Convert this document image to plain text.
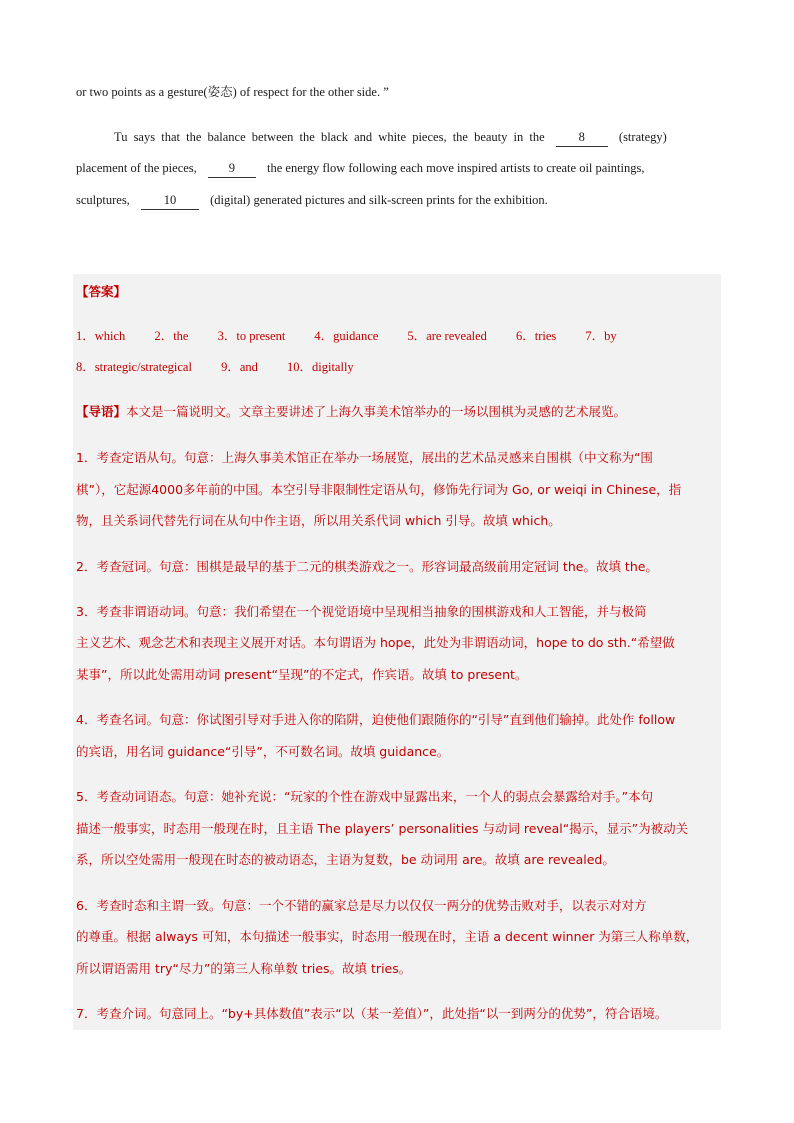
or two points as a gesture(姿态) of respect for the other side. ”
Tu says that the balance between the black and white pieces, the beauty in the	8	(strategy)
placement of the pieces,	9	the energy flow following each move inspired artists to create oil paintings,
sculptures,	10	(digital) generated pictures and silk-screen prints for the exhibition.
【答案】
1．which 2．the 3．to present 4．guidance 5．are revealed 6．tries 7．by
8．strategic/strategical 9．and 10．digitally
【导语】本文是一篇说明文。文章主要讲述了上海久事美术馆举办的一场以围棋为灵感的艺术展览。
1．考查定语从句。句意：上海久事美术馆正在举办一场展览，展出的艺术品灵感来自围棋（中文称为“围
棋”），它起源4000多年前的中国。本空引导非限制性定语从句，修饰先行词为 Go, or weiqi in Chinese，指
物，且关系词代替先行词在从句中作主语，所以用关系代词 which 引导。故填 which。
2．考查冠词。句意：围棋是最早的基于二元的棋类游戏之一。形容词最高级前用定冠词 the。故填 the。
3．考查非谓语动词。句意：我们希望在一个视觉语境中呈现相当抽象的围棋游戏和人工智能，并与极简
主义艺术、观念艺术和表现主义展开对话。本句谓语为 hope，此处为非谓语动词，hope to do sth.“希望做
某事”，所以此处需用动词 present“呈现”的不定式，作宾语。故填 to present。
4．考查名词。句意：你试图引导对手进入你的陷阱，迫使他们跟随你的“引导”直到他们输掉。此处作 follow
的宾语，用名词 guidance“引导”，不可数名词。故填 guidance。
5．考查动词语态。句意：她补充说：“玩家的个性在游戏中显露出来，一个人的弱点会暴露给对手。”本句
描述一般事实，时态用一般现在时，且主语 The players’ personalities 与动词 reveal“揭示，显示”为被动关
系，所以空处需用一般现在时态的被动语态，主语为复数，be 动词用 are。故填 are revealed。
6．考查时态和主谓一致。句意：一个不错的赢家总是尽力以仅仅一两分的优势击败对手，以表示对对方
的尊重。根据 always 可知，本句描述一般事实，时态用一般现在时，主语 a decent winner 为第三人称单数，
所以谓语需用 try“尽力”的第三人称单数 tries。故填 tries。
7．考查介词。句意同上。“by+具体数值”表示“以（某一差值）”，此处指“以一到两分的优势”，符合语境。
